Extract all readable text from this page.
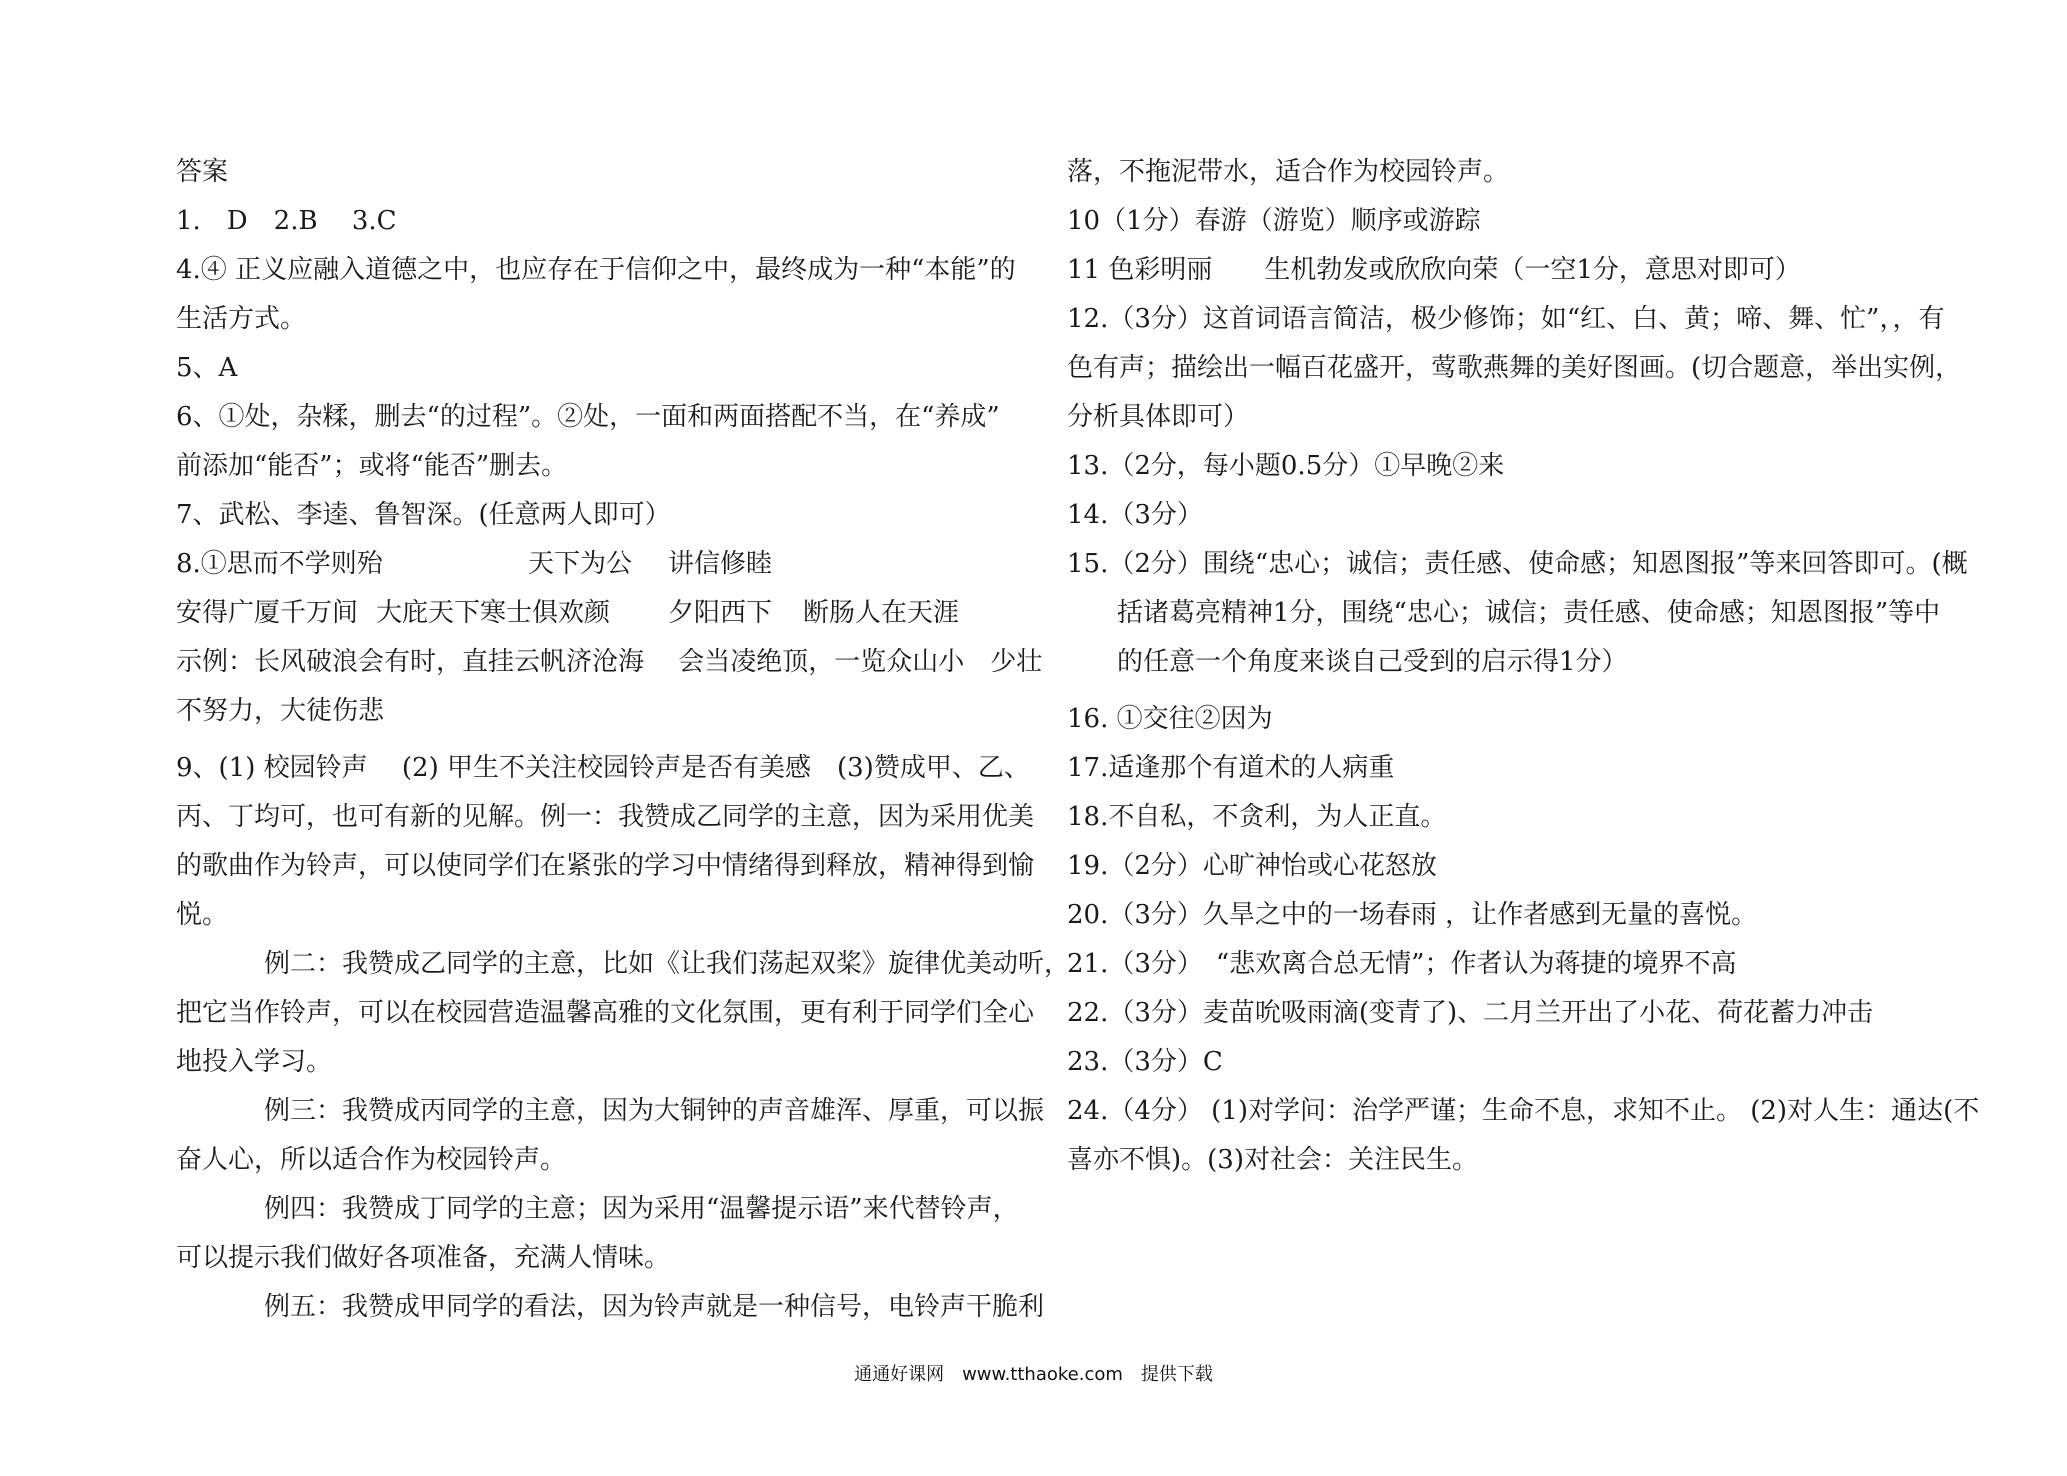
答案
1.　D　2.B　 3.C
4.④ 正义应融入道德之中，也应存在于信仰之中，最终成为一种“本能”的
生活方式。
5、A
6、①处，杂糅，删去“的过程”。②处，一面和两面搭配不当，在“养成”
前添加“能否”；或将“能否”删去。
7、武松、李逵、鲁智深。(任意两人即可）
8.①思而不学则殆	天下为公 讲信修睦
安得广厦千万间 大庇天下寒士俱欢颜 夕阳西下 断肠人在天涯
示例：长风破浪会有时，直挂云帆济沧海　 会当凌绝顶，一览众山小　少壮
不努力，大徒伤悲
9、(1) 校园铃声　 (2) 甲生不关注校园铃声是否有美感　(3)赞成甲、乙、
丙、丁均可，也可有新的见解。例一：我赞成乙同学的主意，因为采用优美
的歌曲作为铃声，可以使同学们在紧张的学习中情绪得到释放，精神得到愉
悦。
例二：我赞成乙同学的主意，比如《让我们荡起双桨》旋律优美动听，
把它当作铃声，可以在校园营造温馨高雅的文化氛围，更有利于同学们全心
地投入学习。
例三：我赞成丙同学的主意，因为大铜钟的声音雄浑、厚重，可以振
奋人心，所以适合作为校园铃声。
例四：我赞成丁同学的主意；因为采用“温馨提示语”来代替铃声，
可以提示我们做好各项准备，充满人情味。
例五：我赞成甲同学的看法，因为铃声就是一种信号，电铃声干脆利
落，不拖泥带水，适合作为校园铃声。
10（1分）春游（游览）顺序或游踪
11 色彩明丽　　生机勃发或欣欣向荣（一空1分，意思对即可）
12.（3分）这首词语言简洁，极少修饰；如“红、白、黄；啼、舞、忙”，，有
色有声；描绘出一幅百花盛开，莺歌燕舞的美好图画。(切合题意，举出实例，
分析具体即可）
13.（2分，每小题0.5分）①早晚②来
14.（3分）
15.（2分）围绕“忠心；诚信；责任感、使命感；知恩图报”等来回答即可。(概
括诸葛亮精神1分，围绕“忠心；诚信；责任感、使命感；知恩图报”等中
的任意一个角度来谈自己受到的启示得1分）
16. ①交往②因为
17.适逢那个有道术的人病重
18.不自私，不贪利，为人正直。
19.（2分）心旷神怡或心花怒放
20.（3分）久旱之中的一场春雨 ，让作者感到无量的喜悦。
21.（3分）　“悲欢离合总无情”；作者认为蒋捷的境界不高
22.（3分）麦苗吮吸雨滴(变青了)、二月兰开出了小花、荷花蓄力冲击
23.（3分）C
24.（4分） (1)对学问：治学严谨；生命不息，求知不止。 (2)对人生：通达(不
喜亦不惧)。(3)对社会：关注民生。
通通好课网　www.tthaoke.com　提供下载
